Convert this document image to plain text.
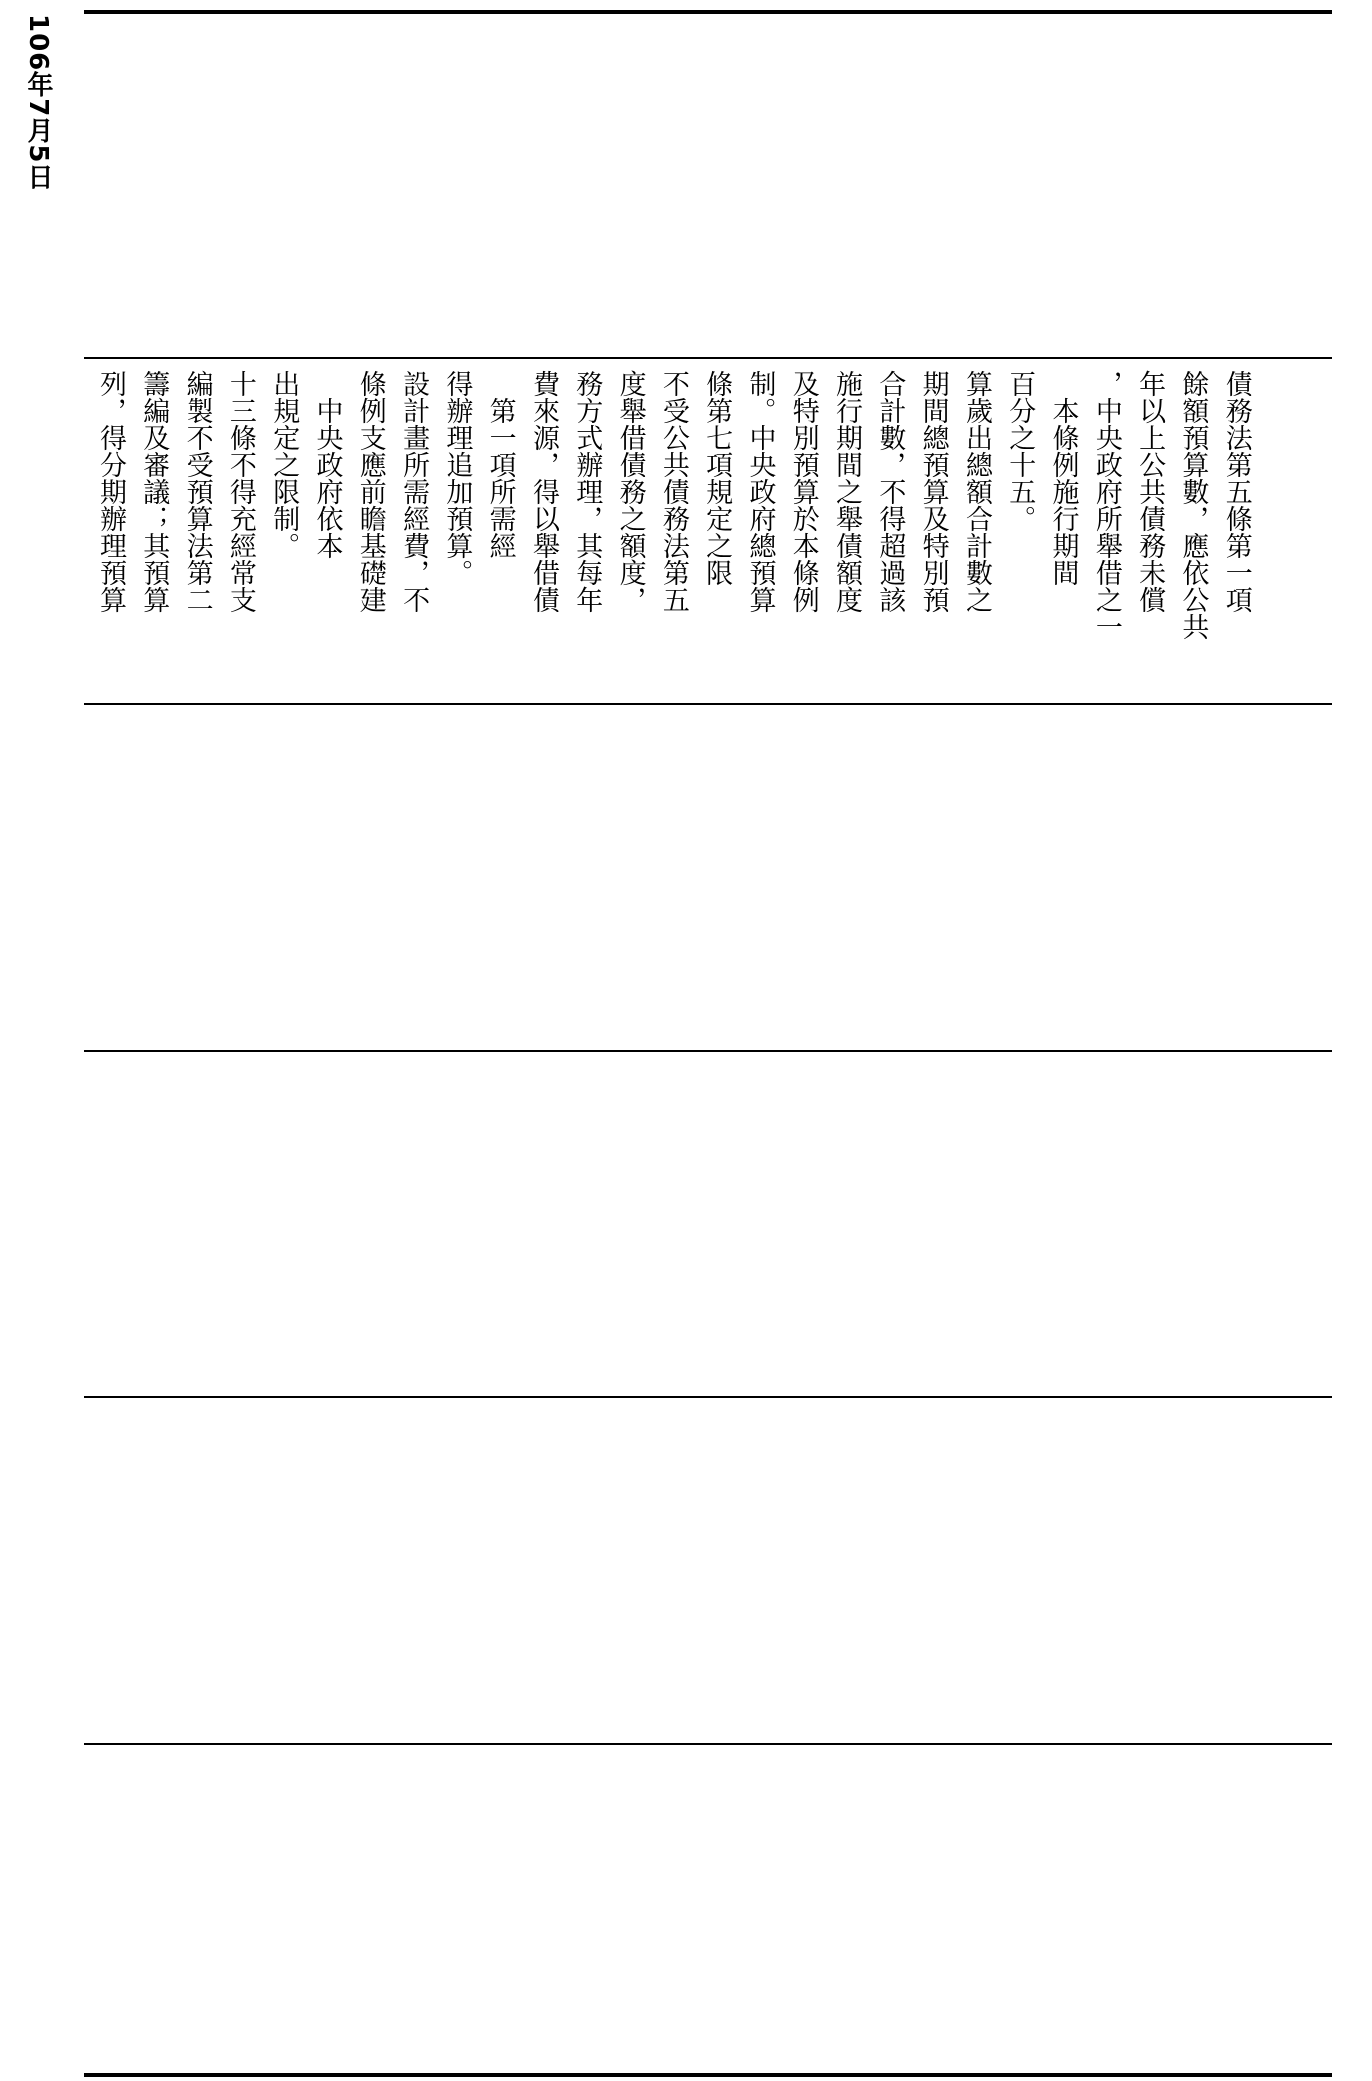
106年7月5日
列，得分期辦理預算 籌編及審議；其預算 編製不受預算法第二 十三條不得充經常支 出規定之限制。 　中央政府依本 條例支應前瞻基礎建 設計畫所需經費，不 得辦理追加預算。 　第一項所需經 費來源，得以舉借債 務方式辦理，其每年 度舉借債務之額度， 不受公共債務法第五 條第七項規定之限 制。中央政府總預算 及特別預算於本條例 施行期間之舉債額度 合計數，不得超過該 期間總預算及特別預 算歲出總額合計數之 百分之十五。 　本條例施行期間 ，中央政府所舉借之一 年以上公共債務未償 餘額預算數，應依公共 債務法第五條第一項
